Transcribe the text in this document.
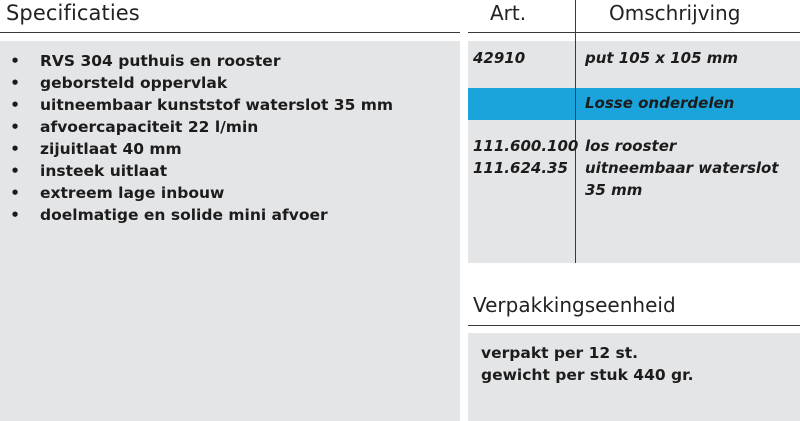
Specificaties
• RVS 304 puthuis en rooster
• geborsteld oppervlak
• uitneembaar kunststof waterslot 35 mm
• afvoercapaciteit 22 l/min
• zijuitlaat 40 mm
• insteek uitlaat
• extreem lage inbouw
• doelmatige en solide mini afvoer
Art.	Omschrijving
42910	put 105 x 105 mm
Losse onderdelen
111.600.100 los rooster
111.624.35 uitneembaar waterslot
35 mm
Verpakkingseenheid
verpakt per 12 st.
gewicht per stuk 440 gr.
